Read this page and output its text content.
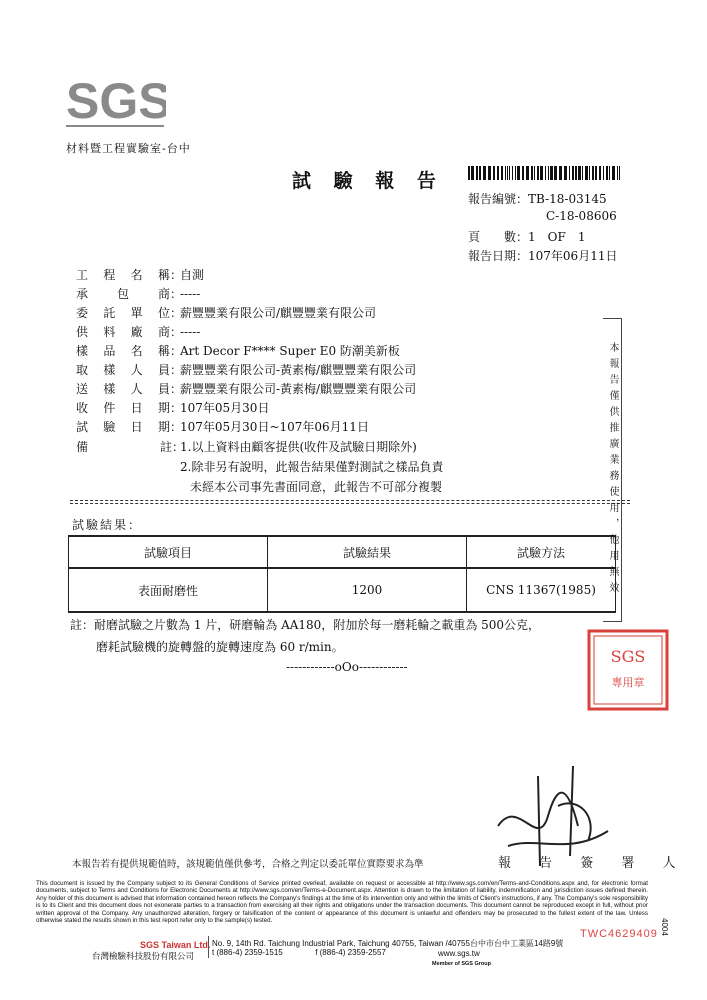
SGS
材料暨工程實驗室-台中
試 驗 報 告
報告編號：TB-18-03145
C-18-08606
頁　　數：1　OF　1
報告日期：107年06月11日
工程名稱：自測
承包商：-----
委託單位：薪豐豐業有限公司/麒豐豐業有限公司
供料廠商：-----
樣品名稱：Art Decor F**** Super E0 防潮美新板
取樣人員：薪豐豐業有限公司-黃素梅/麒豐豐業有限公司
送樣人員：薪豐豐業有限公司-黃素梅/麒豐豐業有限公司
收件日期：107年05月30日
試驗日期：107年05月30日~107年06月11日
備　　　　　　註：
1.以上資料由顧客提供(收件及試驗日期除外)
2.除非另有說明，此報告結果僅對測試之樣品負責
未經本公司事先書面同意，此報告不可部分複製
試驗結果：
試驗項目	試驗結果	試驗方法
表面耐磨性	1200	CNS 11367(1985)
註：耐磨試驗之片數為 1 片，研磨輪為 AA180，附加於每一磨耗輪之載重為 500公克，
磨耗試驗機的旋轉盤的旋轉速度為 60 r/min。
------------oOo------------
本報告僅供推廣業務使用，他用無效
SGS
專用章
本報告若有提供規範值時，該規範值僅供參考，合格之判定以委託單位實際要求為準	報 告 簽 署 人
This document is issued by the Company subject to its General Conditions of Service printed overleaf, available on request or accessible at http://www.sgs.com/en/Terms-and-Conditions.aspx and, for electronic format documents, subject to Terms and Conditions for Electronic Documents at http://www.sgs.com/en/Terms-e-Document.aspx. Attention is drawn to the limitation of liability, indemnification and jurisdiction issues defined therein. Any holder of this document is advised that information contained hereon reflects the Company's findings at the time of its intervention only and within the limits of Client's instructions, if any. The Company's sole responsibility is to its Client and this document does not exonerate parties to a transaction from exercising all their rights and obligations under the transaction documents. This document cannot be reproduced except in full, without prior written approval of the Company. Any unauthorized alteration, forgery or falsification of the content or appearance of this document is unlawful and offenders may be prosecuted to the fullest extent of the law. Unless otherwise stated the results shown in this test report refer only to the sample(s) tested.
SGS Taiwan Ltd.
台灣檢驗科技股份有限公司
No. 9, 14th Rd. Taichung Industrial Park, Taichung 40755, Taiwan /40755台中市台中工業區14路9號
t (886-4) 2359-1515	f (886-4) 2359-2557	www.sgs.tw
Member of SGS Group
TWC4629409 4004
